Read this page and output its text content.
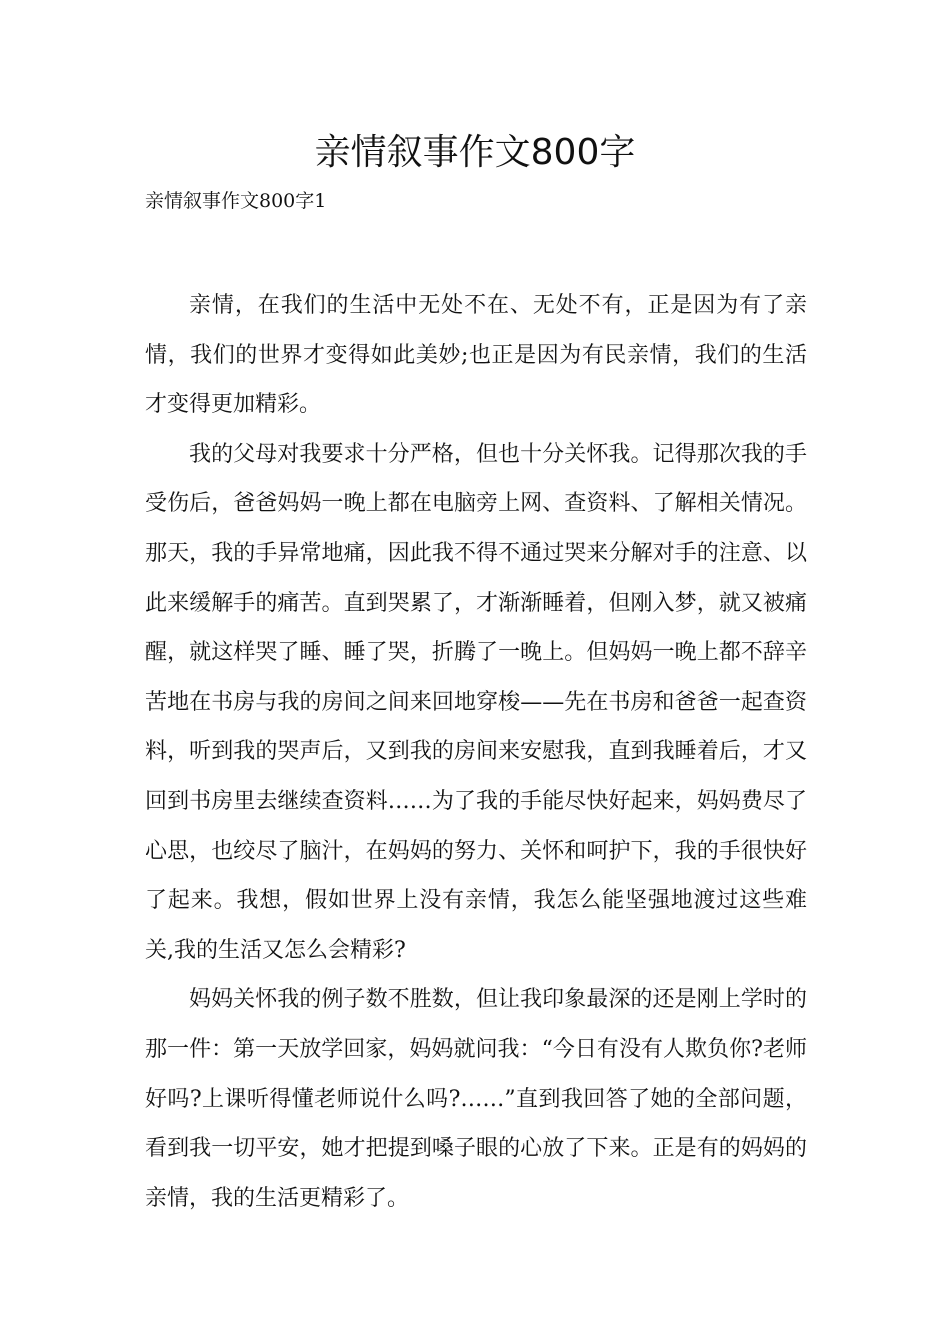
亲情叙事作文800字

亲情叙事作文800字1

亲情，在我们的生活中无处不在、无处不有，正是因为有了亲情，我们的世界才变得如此美妙;也正是因为有民亲情，我们的生活才变得更加精彩。

我的父母对我要求十分严格，但也十分关怀我。记得那次我的手受伤后，爸爸妈妈一晚上都在电脑旁上网、查资料、了解相关情况。那天，我的手异常地痛，因此我不得不通过哭来分解对手的注意、以此来缓解手的痛苦。直到哭累了，才渐渐睡着，但刚入梦，就又被痛醒，就这样哭了睡、睡了哭，折腾了一晚上。但妈妈一晚上都不辞辛苦地在书房与我的房间之间来回地穿梭——先在书房和爸爸一起查资料，听到我的哭声后，又到我的房间来安慰我，直到我睡着后，才又回到书房里去继续查资料……为了我的手能尽快好起来，妈妈费尽了心思，也绞尽了脑汁，在妈妈的努力、关怀和呵护下，我的手很快好了起来。我想，假如世界上没有亲情，我怎么能坚强地渡过这些难关,我的生活又怎么会精彩?

妈妈关怀我的例子数不胜数，但让我印象最深的还是刚上学时的那一件：第一天放学回家，妈妈就问我：“今日有没有人欺负你?老师好吗?上课听得懂老师说什么吗?……”直到我回答了她的全部问题，看到我一切平安，她才把提到嗓子眼的心放了下来。正是有的妈妈的亲情，我的生活更精彩了。
